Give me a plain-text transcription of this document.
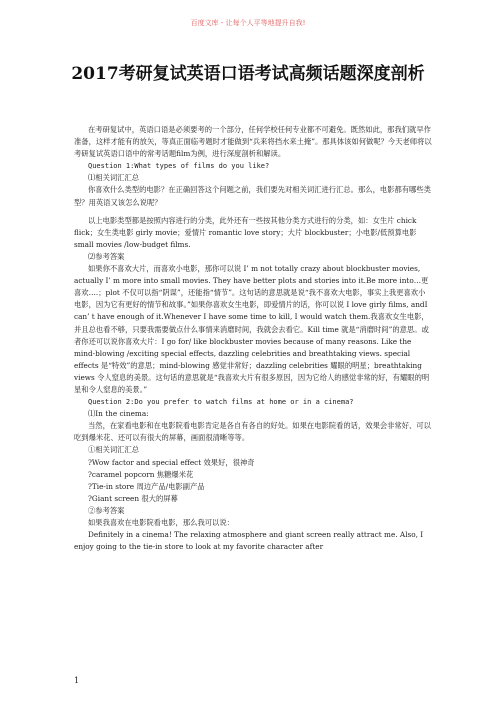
百度文库 - 让每个人平等地提升自我!
2017考研复试英语口语考试高频话题深度剖析

在考研复试中，英语口语是必须要考的一个部分，任何学校任何专业都不可避免。既然如此，那我们就早作准备，这样才能有的放矢，等真正面临考题时才能做到“兵来将挡水来土掩”。那具体该如何做呢？今天老师将以考研复试英语口语中的常考话题film为例，进行深度剖析和解读。

Question 1:What types of films do you like?

⑴相关词汇汇总

你喜欢什么类型的电影？在正确回答这个问题之前，我们要先对相关词汇进行汇总。那么，电影都有哪些类型？用英语又该怎么说呢？

以上电影类型都是按照内容进行的分类，此外还有一些按其他分类方式进行的分类，如：女生片 chick flick；女生类电影 girly movie；爱情片 romantic love story；大片 blockbuster；小电影/低预算电影 small movies /low-budget films.

⑵参考答案

如果你不喜欢大片，而喜欢小电影，那你可以说 I’ m not totally crazy about blockbuster movies, actually I’ m more into small movies. They have better plots and stories into it.Be more into…更喜欢….；plot 不仅可以指“阴谋”，还能指“情节”。这句话的意思就是说“我不喜欢大电影，事实上我更喜欢小电影，因为它有更好的情节和故事。”如果你喜欢女生电影，即爱情片的话，你可以说 I love girly films, andI can’ t have enough of it.Whenever I have some time to kill, I would watch them.我喜欢女生电影，并且总也看不够，只要我需要做点什么事情来消磨时间，我就会去看它。Kill time 就是“消磨时间”的意思。或者你还可以说你喜欢大片：I go for/ like blockbuster movies because of many reasons. Like the mind-blowing /exciting special effects, dazzling celebrities and breathtaking views. special effects 是“特效”的意思；mind-blowing 感觉非常好；dazzling celebrities 耀眼的明星；breathtaking views 令人窒息的美景。这句话的意思就是“我喜欢大片有很多原因，因为它给人的感觉非常的好，有耀眼的明星和令人窒息的美景。”

Question 2:Do you prefer to watch films at home or in a cinema?

⑴In the cinema:

当然，在家看电影和在电影院看电影肯定是各自有各自的好处。如果在电影院看的话，效果会非常好、可以吃到爆米花、还可以有很大的屏幕，画面很清晰等等。

①相关词汇汇总

?Wow factor and special effect 效果好，很神奇

?caramel popcorn 焦糖爆米花

?Tie-in store 周边产品/电影副产品

?Giant screen 很大的屏幕

②参考答案

如果我喜欢在电影院看电影，那么我可以说：

Definitely in a cinema! The relaxing atmosphere and giant screen really attract me. Also, I enjoy going to the tie-in store to look at my favorite character after

1
